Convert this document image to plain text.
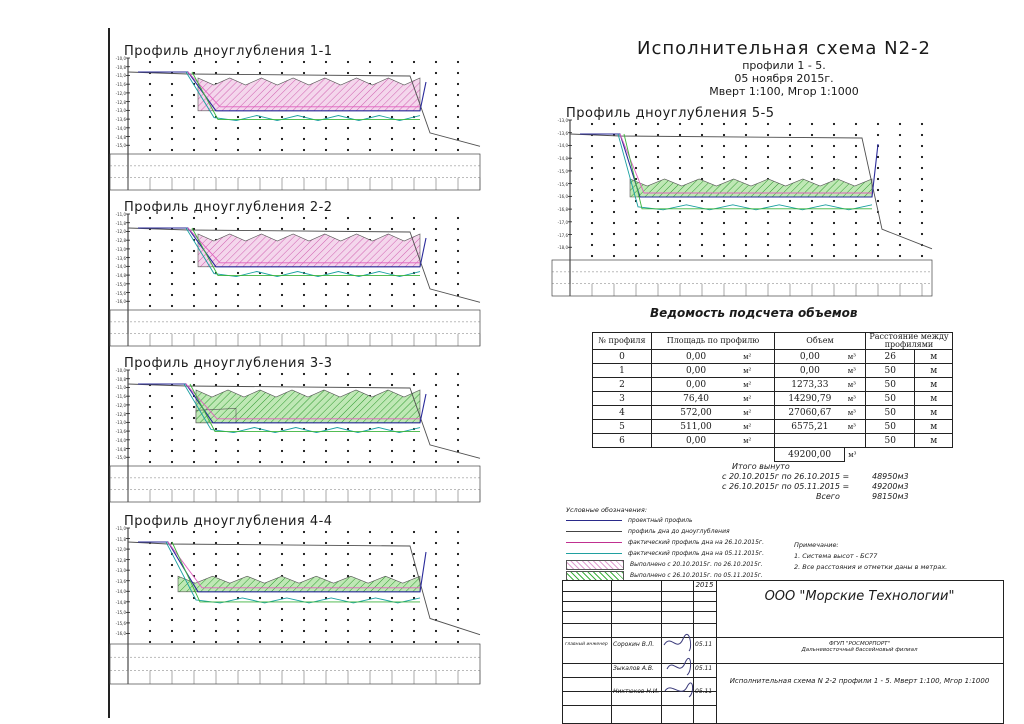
Исполнительная схема N2-2
профили 1 - 5.
05 ноября 2015г.
Мверт 1:100, Мгор 1:1000
Профиль дноуглубления 1-1
Профиль дноуглубления 2-2
Профиль дноуглубления 3-3
Профиль дноуглубления 4-4
Профиль дноуглубления 5-5
-10,0
-10,8
-11,0
-11,6
-12,0
-12,8
-13,0
-13,6
-14,0
-14,8
-15,0
-11,0
-11,8
-12,0
-12,8
-13,0
-13,6
-14,0
-14,8
-15,0
-15,6
-16,0
-10,0
-10,8
-11,0
-11,6
-12,0
-12,8
-13,0
-13,6
-14,0
-14,8
-15,0
-11,0
-11,8
-12,0
-12,8
-13,0
-13,6
-14,0
-14,8
-15,0
-15,6
-16,0
-13,0
-13,6
-14,0
-14,8
-15,0
-15,6
-16,0
-16,8
-17,0
-17,6
-18,0
Ведомость подсчета объемов
№ профиля	Площадь по профилю		Объем		Расстояние между профилями	
0	0,00	м²	0,00	м³	26	м
1	0,00	м²	0,00	м³	50	м
2	0,00	м²	1273,33	м³	50	м
3	76,40	м²	14290,79	м³	50	м
4	572,00	м²	27060,67	м³	50	м
5	511,00	м²	6575,21	м³	50	м
6	0,00	м²			50	м
			49200,00	м³		
Итого вынуто
с 20.10.2015г по 26.10.2015 =	48950м3
с 26.10.2015г по 05.11.2015 =	49200м3
Всего	98150м3
Условные обозначения:
проектный профиль
профиль дна до дноуглубления
фактический профиль дна на 26.10.2015г.
фактический профиль дна на 05.11.2015г.
Выполнено с 20.10.2015г. по 26.10.2015г.
Выполнено с 26.10.2015г. по 05.11.2015г.
Примечание:
1. Система высот - БС77
2. Все расстояния и отметки даны в метрах.
2015
ООО "Морские Технологии"
ФГУП "РОСМОРПОРТ"
Дальневосточный бассейновый филиал
главный инженер Сорокин В.Л.	05.11
Зыкалов А.В.	05.11
Никтюков Н.И.	05.11
Исполнительная схема N 2-2 профили 1 - 5. Мверт 1:100, Мгор 1:1000
